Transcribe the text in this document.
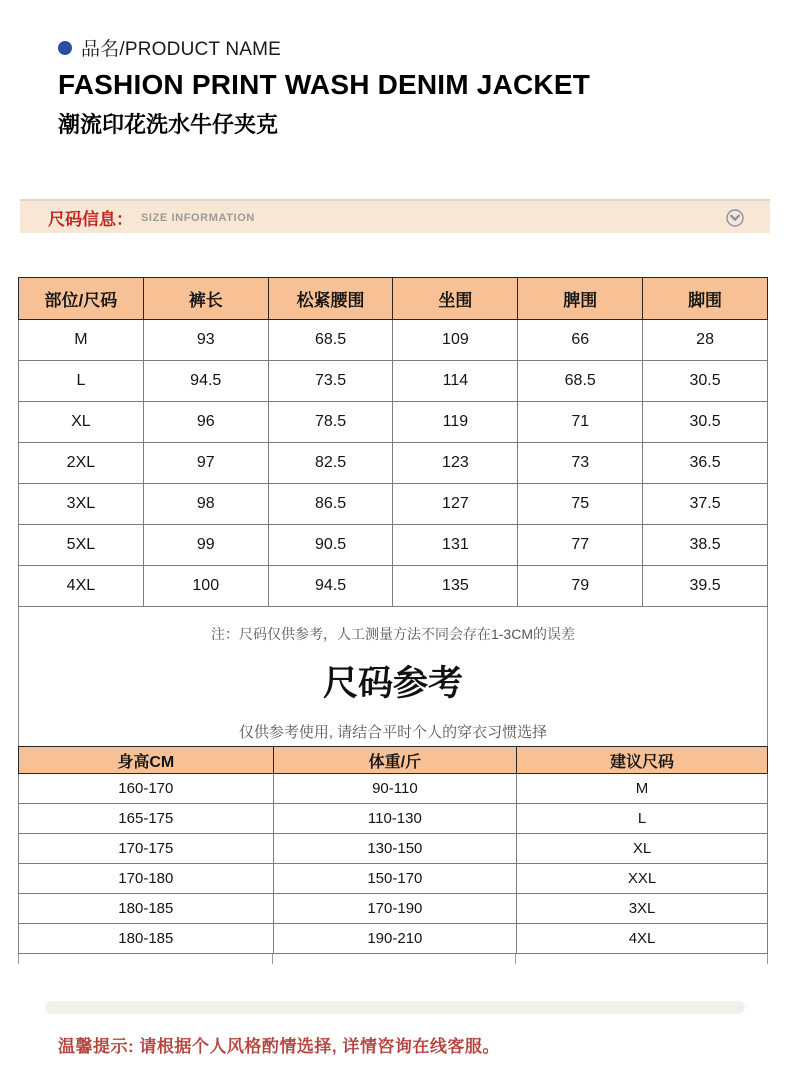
品名/PRODUCT NAME
FASHION PRINT WASH DENIM JACKET
潮流印花洗水牛仔夹克
尺码信息： SIZE INFORMATION
部位/尺码	裤长	松紧腰围	坐围	脾围	脚围
M	93	68.5	109	66	28
L	94.5	73.5	114	68.5	30.5
XL	96	78.5	119	71	30.5
2XL	97	82.5	123	73	36.5
3XL	98	86.5	127	75	37.5
5XL	99	90.5	131	77	38.5
4XL	100	94.5	135	79	39.5
注：尺码仅供参考，人工测量方法不同会存在1-3CM的误差
尺码参考
仅供参考使用, 请结合平时个人的穿衣习惯选择
身高CM	体重/斤	建议尺码
160-170	90-110	M
165-175	110-130	L
170-175	130-150	XL
170-180	150-170	XXL
180-185	170-190	3XL
180-185	190-210	4XL
温馨提示: 请根据个人风格酌情选择, 详情咨询在线客服。
